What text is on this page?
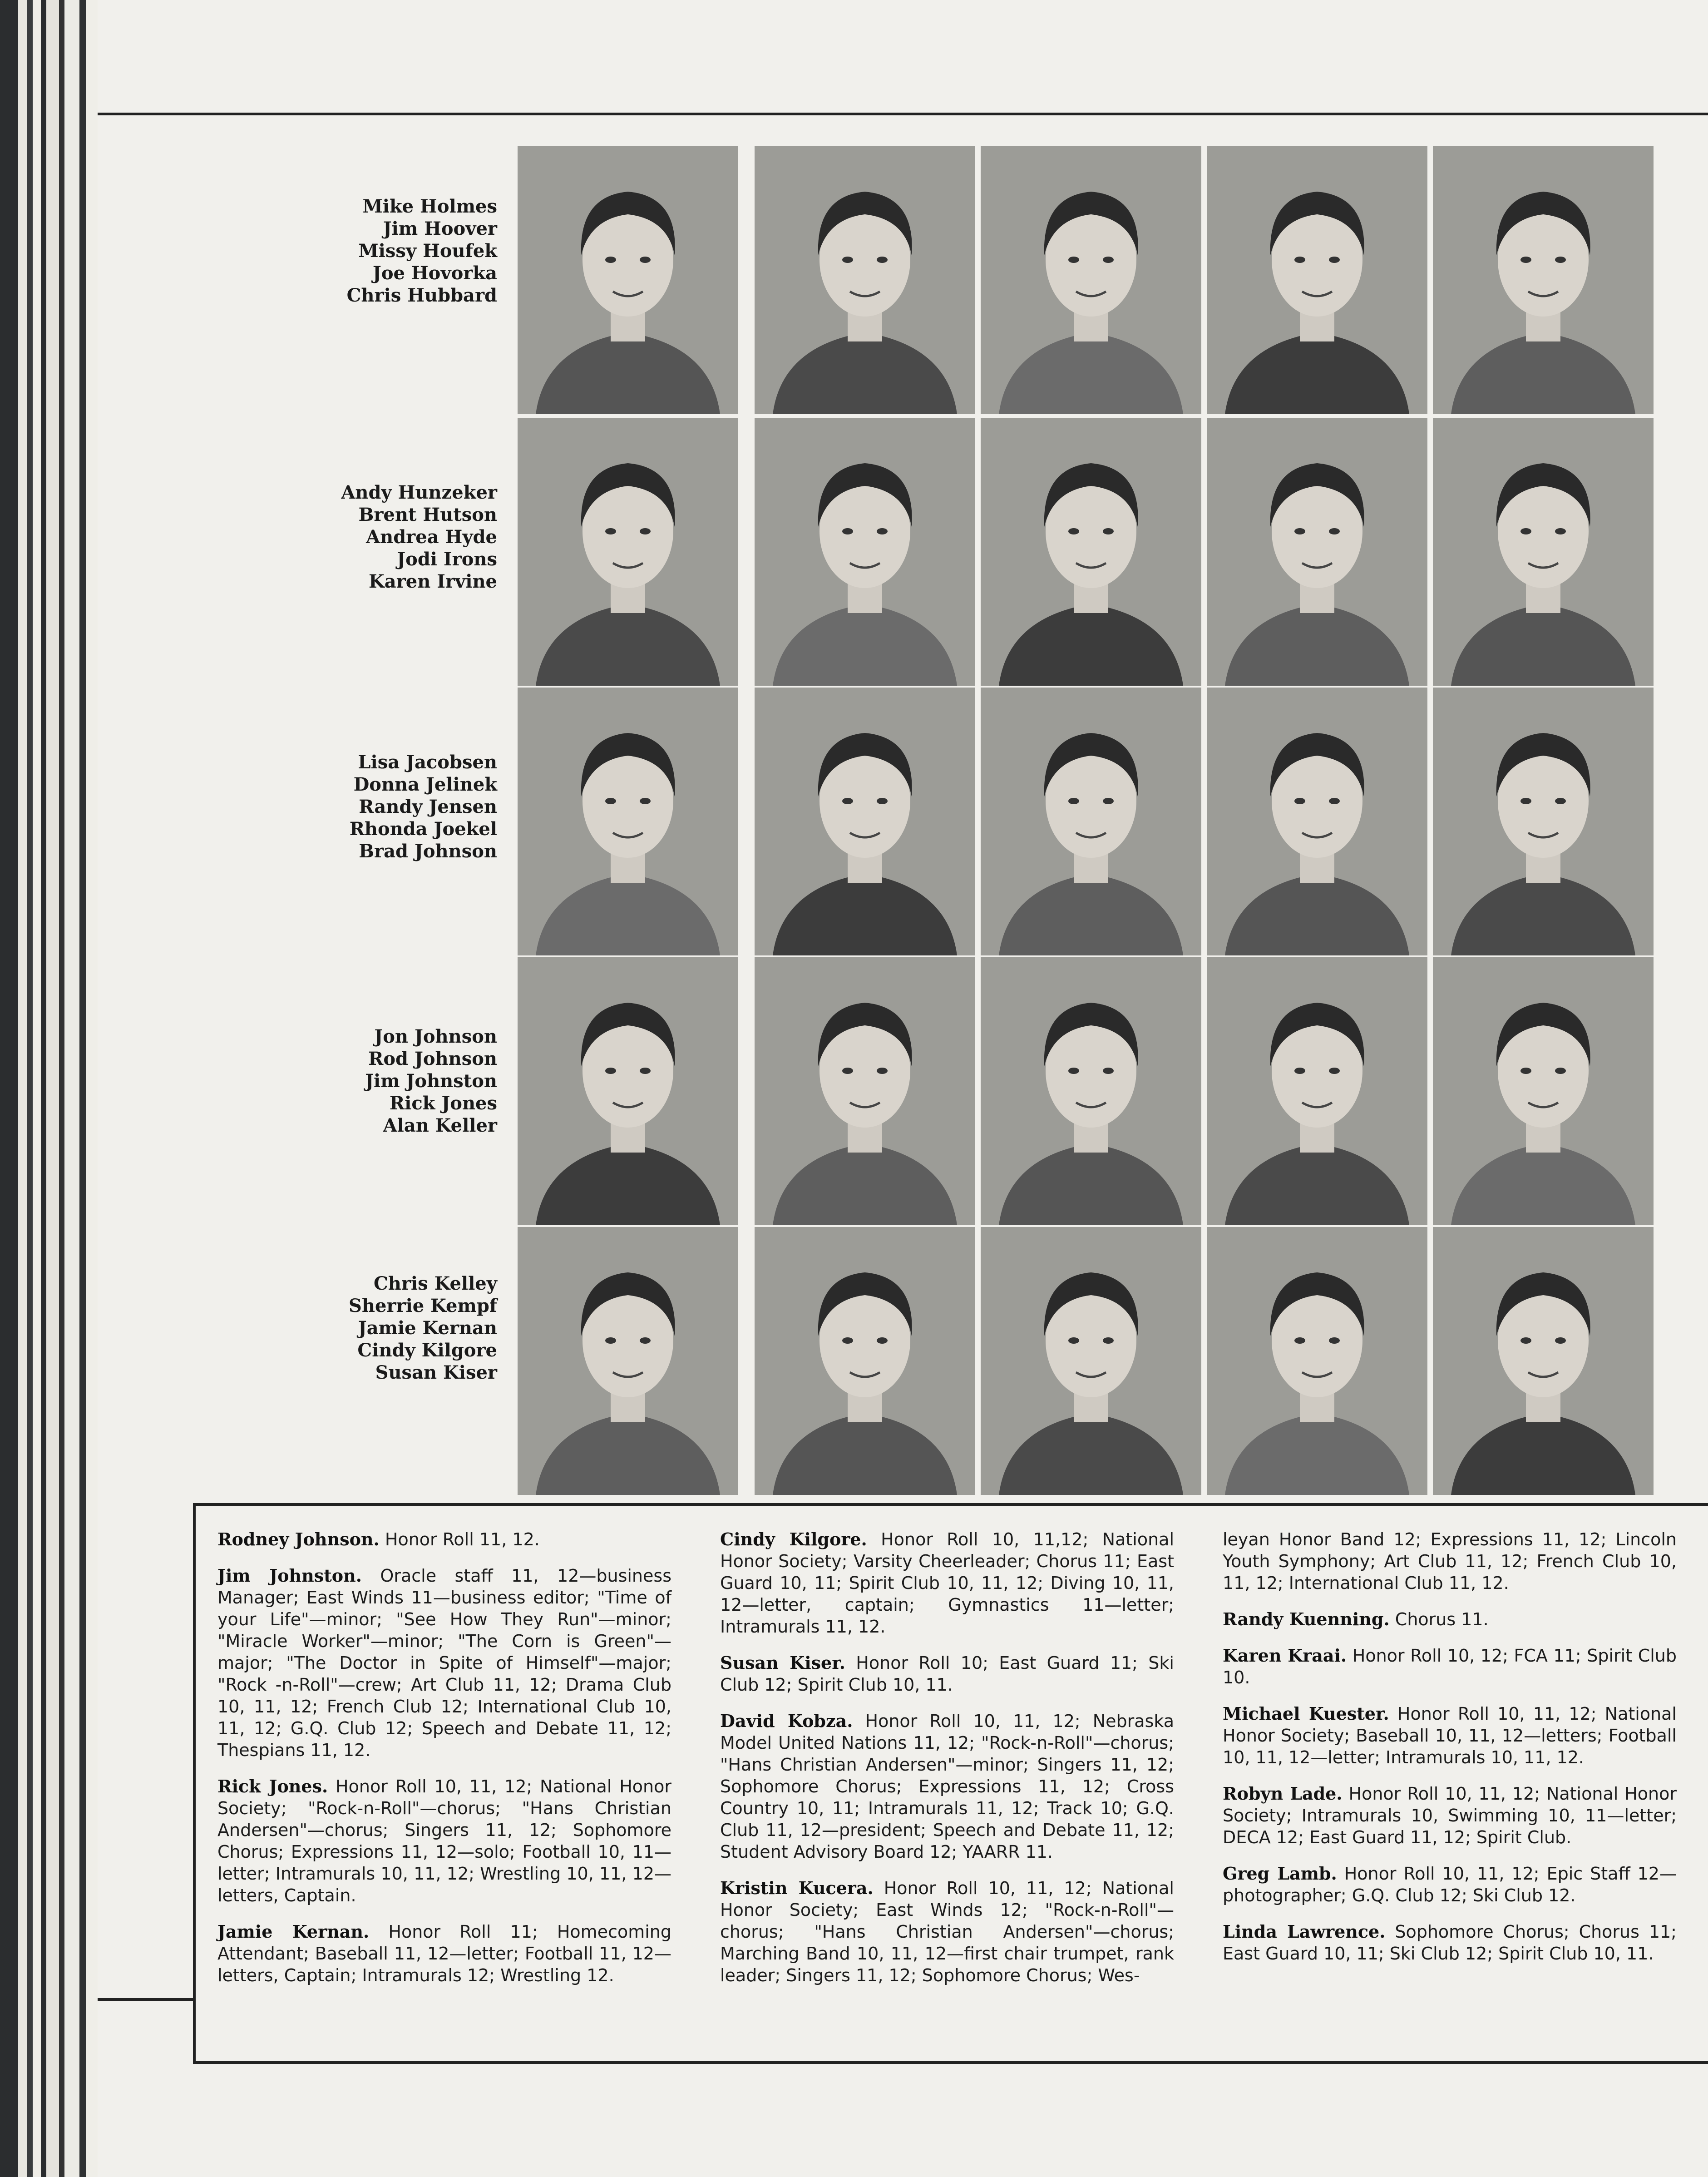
Mike Holmes
Jim Hoover
Missy Houfek
Joe Hovorka
Chris Hubbard
Andy Hunzeker
Brent Hutson
Andrea Hyde
Jodi Irons
Karen Irvine
Lisa Jacobsen
Donna Jelinek
Randy Jensen
Rhonda Joekel
Brad Johnson
Jon Johnson
Rod Johnson
Jim Johnston
Rick Jones
Alan Keller
Chris Kelley
Sherrie Kempf
Jamie Kernan
Cindy Kilgore
Susan Kiser

Rodney Johnson. Honor Roll 11, 12.

Jim Johnston. Oracle staff 11, 12—business Manager; East Winds 11—business editor; "Time of your Life"—minor; "See How They Run"—minor; "Miracle Worker"—minor; "The Corn is Green"—major; "The Doctor in Spite of Himself"—major; "Rock -n-Roll"—crew; Art Club 11, 12; Drama Club 10, 11, 12; French Club 12; International Club 10, 11, 12; G.Q. Club 12; Speech and Debate 11, 12; Thespians 11, 12.

Rick Jones. Honor Roll 10, 11, 12; National Honor Society; "Rock-n-Roll"—chorus; "Hans Christian Andersen"—chorus; Singers 11, 12; Sophomore Chorus; Expressions 11, 12—solo; Football 10, 11—letter; Intramurals 10, 11, 12; Wrestling 10, 11, 12—letters, Captain.

Jamie Kernan. Honor Roll 11; Homecoming Attendant; Baseball 11, 12—letter; Football 11, 12—letters, Captain; Intramurals 12; Wrestling 12.

Cindy Kilgore. Honor Roll 10, 11,12; National Honor Society; Varsity Cheerleader; Chorus 11; East Guard 10, 11; Spirit Club 10, 11, 12; Diving 10, 11, 12—letter, captain; Gymnastics 11—letter; Intramurals 11, 12.

Susan Kiser. Honor Roll 10; East Guard 11; Ski Club 12; Spirit Club 10, 11.

David Kobza. Honor Roll 10, 11, 12; Nebraska Model United Nations 11, 12; "Rock-n-Roll"—chorus; "Hans Christian Andersen"—minor; Singers 11, 12; Sophomore Chorus; Expressions 11, 12; Cross Country 10, 11; Intramurals 11, 12; Track 10; G.Q. Club 11, 12—president; Speech and Debate 11, 12; Student Advisory Board 12; YAARR 11.

Kristin Kucera. Honor Roll 10, 11, 12; National Honor Society; East Winds 12; "Rock-n-Roll"—chorus; "Hans Christian Andersen"—chorus; Marching Band 10, 11, 12—first chair trumpet, rank leader; Singers 11, 12; Sophomore Chorus; Wes-

leyan Honor Band 12; Expressions 11, 12; Lincoln Youth Symphony; Art Club 11, 12; French Club 10, 11, 12; International Club 11, 12.

Randy Kuenning. Chorus 11.

Karen Kraai. Honor Roll 10, 12; FCA 11; Spirit Club 10.

Michael Kuester. Honor Roll 10, 11, 12; National Honor Society; Baseball 10, 11, 12—letters; Football 10, 11, 12—letter; Intramurals 10, 11, 12.

Robyn Lade. Honor Roll 10, 11, 12; National Honor Society; Intramurals 10, Swimming 10, 11—letter; DECA 12; East Guard 11, 12; Spirit Club.

Greg Lamb. Honor Roll 10, 11, 12; Epic Staff 12—photographer; G.Q. Club 12; Ski Club 12.

Linda Lawrence. Sophomore Chorus; Chorus 11; East Guard 10, 11; Ski Club 12; Spirit Club 10, 11.
